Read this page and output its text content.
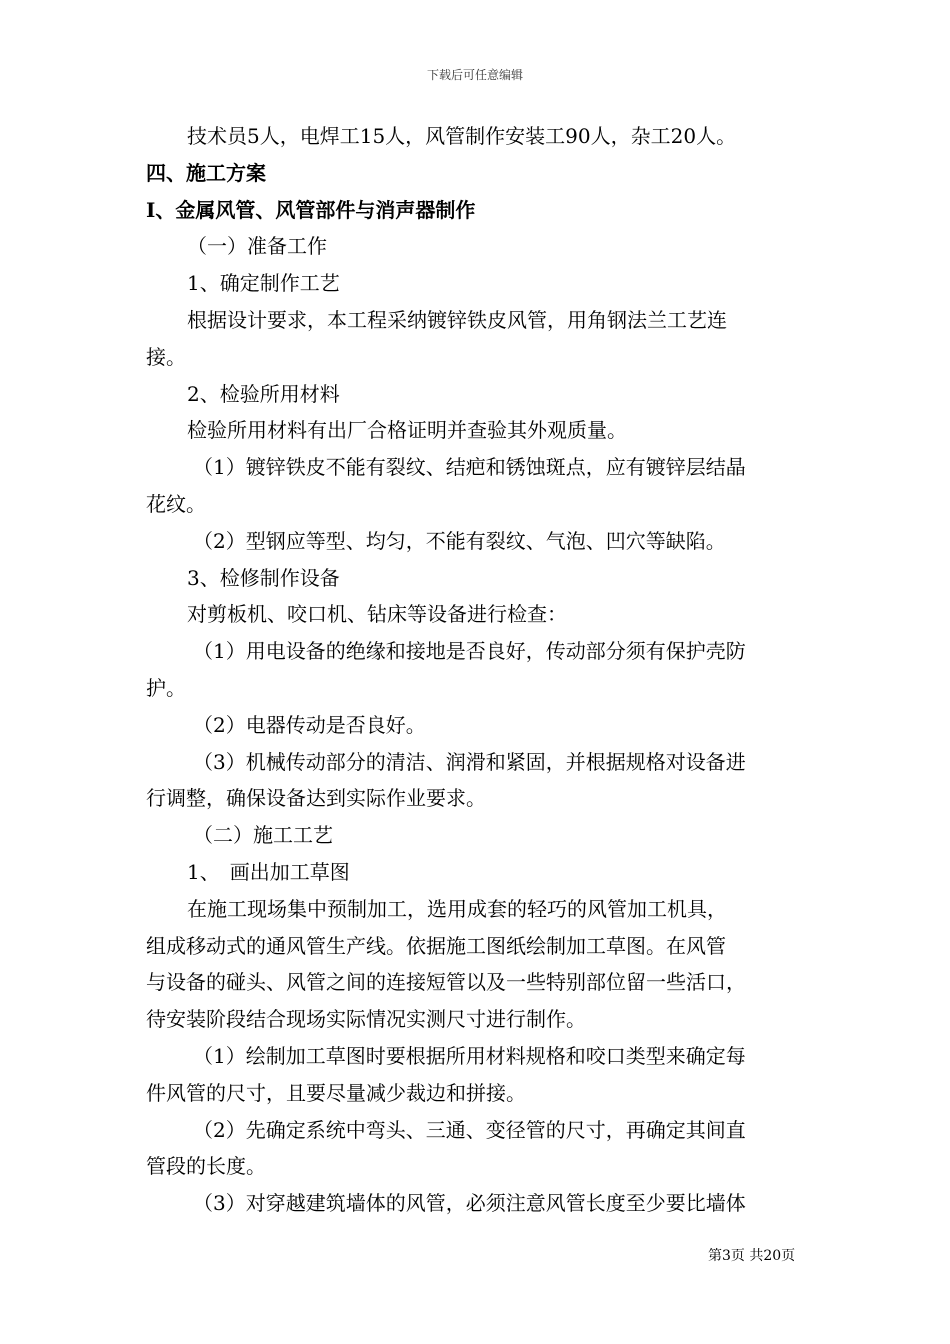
下载后可任意编辑
技术员5人，电焊工15人，风管制作安装工90人，杂工20人。
四、施工方案
Ⅰ、金属风管、风管部件与消声器制作
（一）准备工作
1、确定制作工艺
根据设计要求，本工程采纳镀锌铁皮风管，用角钢法兰工艺连
接。
2、检验所用材料
检验所用材料有出厂合格证明并查验其外观质量。
（1）镀锌铁皮不能有裂纹、结疤和锈蚀斑点，应有镀锌层结晶
花纹。
（2）型钢应等型、均匀，不能有裂纹、气泡、凹穴等缺陷。
3、检修制作设备
对剪板机、咬口机、钻床等设备进行检查：
（1）用电设备的绝缘和接地是否良好，传动部分须有保护壳防
护。
（2）电器传动是否良好。
（3）机械传动部分的清洁、润滑和紧固，并根据规格对设备进
行调整，确保设备达到实际作业要求。
（二）施工工艺
1、　画出加工草图
在施工现场集中预制加工，选用成套的轻巧的风管加工机具，
组成移动式的通风管生产线。依据施工图纸绘制加工草图。在风管
与设备的碰头、风管之间的连接短管以及一些特别部位留一些活口，
待安装阶段结合现场实际情况实测尺寸进行制作。
（1）绘制加工草图时要根据所用材料规格和咬口类型来确定每
件风管的尺寸，且要尽量减少裁边和拼接。
（2）先确定系统中弯头、三通、变径管的尺寸，再确定其间直
管段的长度。
（3）对穿越建筑墙体的风管，必须注意风管长度至少要比墙体
第3页 共20页
